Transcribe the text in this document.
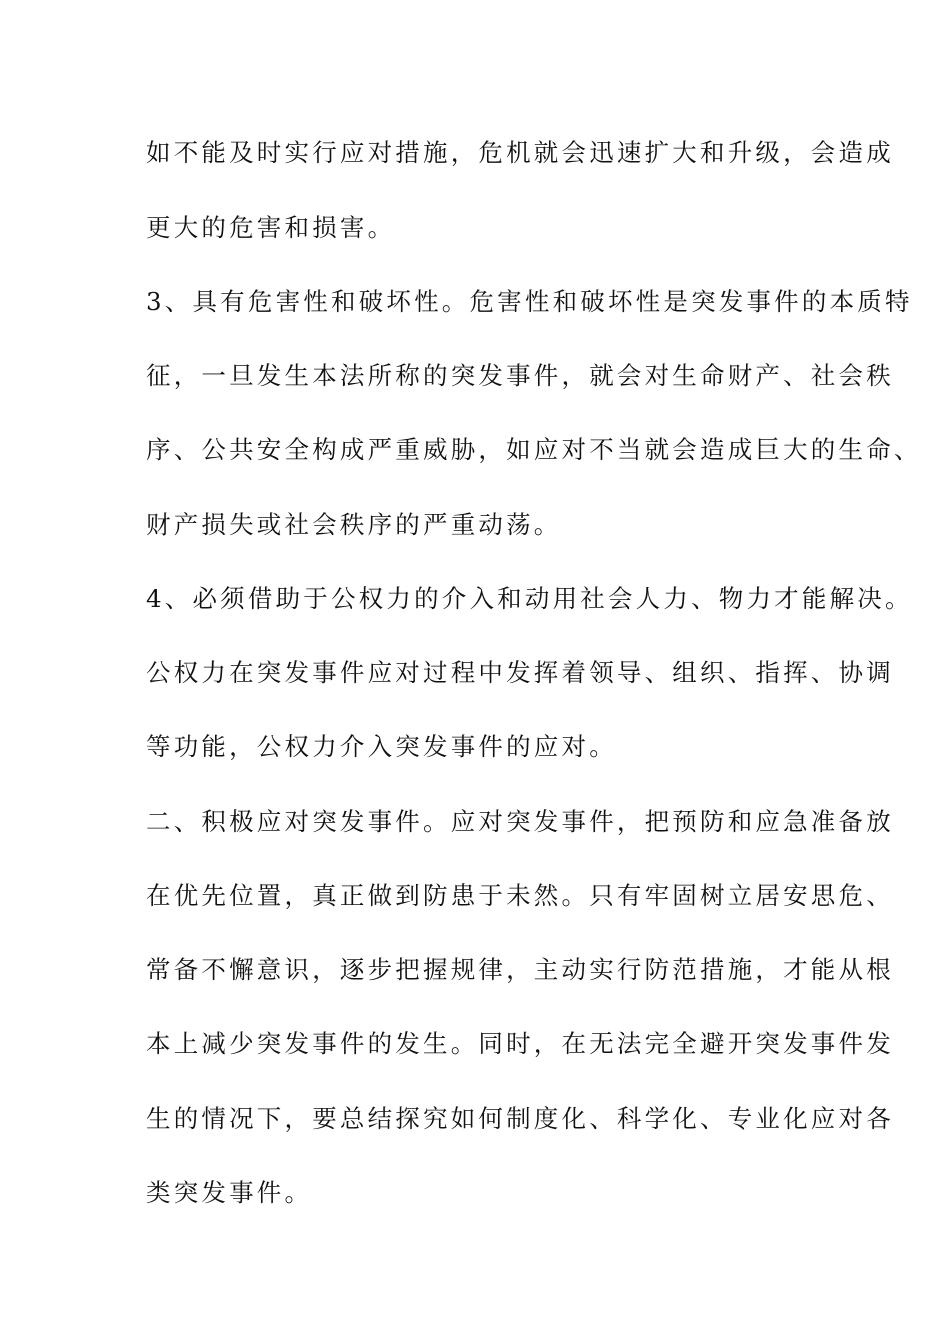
如不能及时实行应对措施，危机就会迅速扩大和升级，会造成
更大的危害和损害。
3、具有危害性和破坏性。危害性和破坏性是突发事件的本质特
征，一旦发生本法所称的突发事件，就会对生命财产、社会秩
序、公共安全构成严重威胁，如应对不当就会造成巨大的生命、
财产损失或社会秩序的严重动荡。
4、必须借助于公权力的介入和动用社会人力、物力才能解决。
公权力在突发事件应对过程中发挥着领导、组织、指挥、协调
等功能，公权力介入突发事件的应对。
二、积极应对突发事件。应对突发事件，把预防和应急准备放
在优先位置，真正做到防患于未然。只有牢固树立居安思危、
常备不懈意识，逐步把握规律，主动实行防范措施，才能从根
本上减少突发事件的发生。同时，在无法完全避开突发事件发
生的情况下，要总结探究如何制度化、科学化、专业化应对各
类突发事件。
